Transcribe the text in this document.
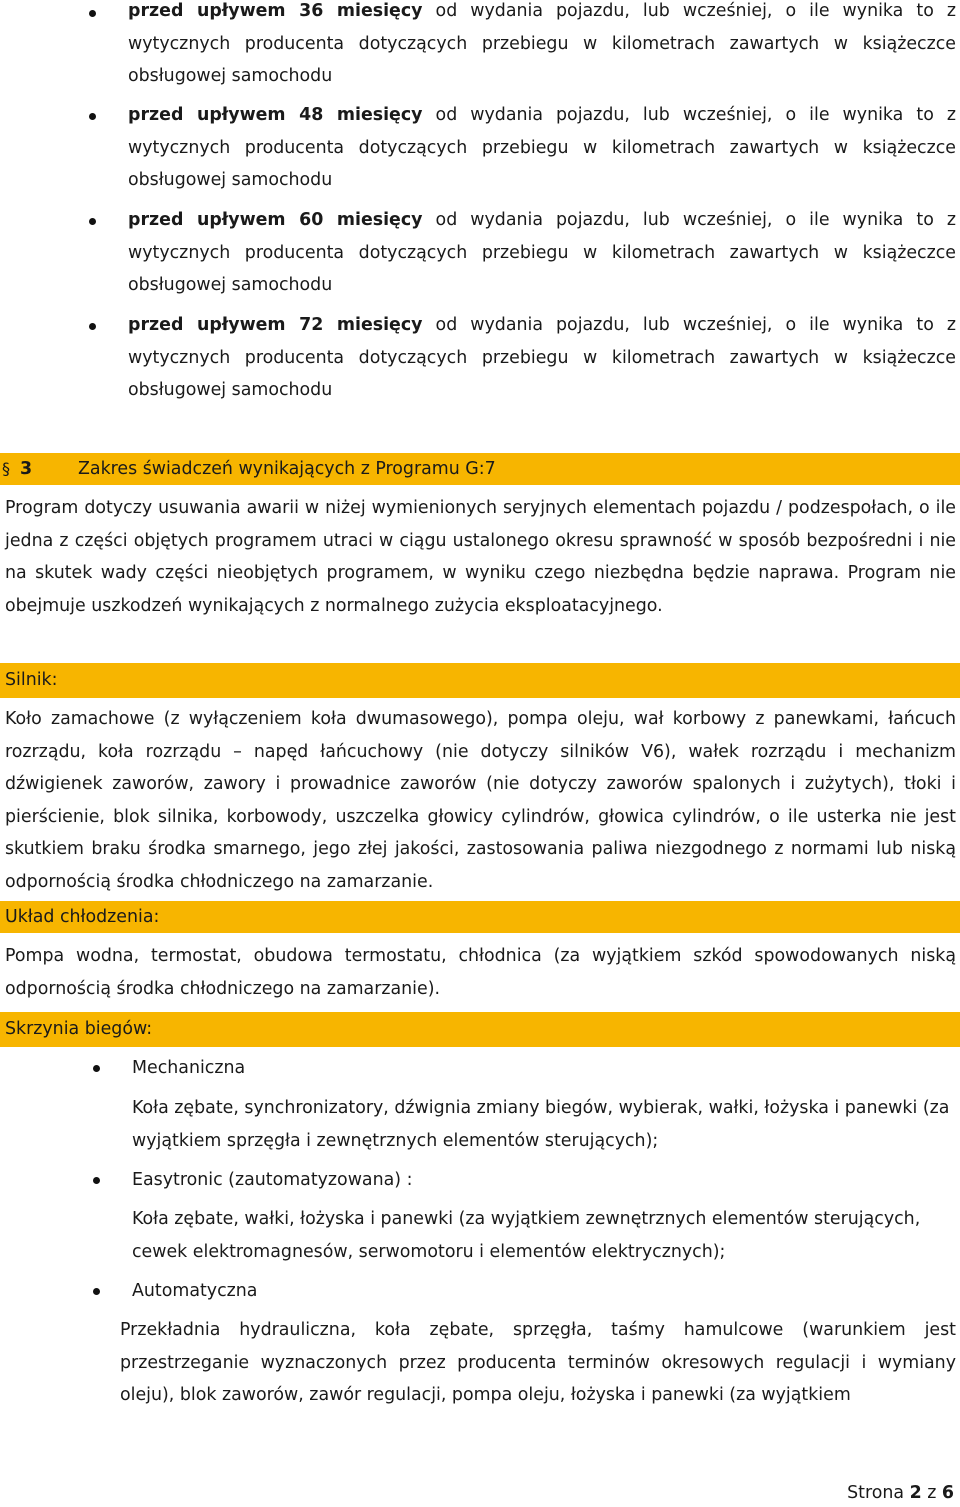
przed upływem 36 miesięcy od wydania pojazdu, lub wcześniej, o ile wynika to z wytycznych producenta dotyczących przebiegu w kilometrach zawartych w książeczce obsługowej samochodu
przed upływem 48 miesięcy od wydania pojazdu, lub wcześniej, o ile wynika to z wytycznych producenta dotyczących przebiegu w kilometrach zawartych w książeczce obsługowej samochodu
przed upływem 60 miesięcy od wydania pojazdu, lub wcześniej, o ile wynika to z wytycznych producenta dotyczących przebiegu w kilometrach zawartych w książeczce obsługowej samochodu
przed upływem 72 miesięcy od wydania pojazdu, lub wcześniej, o ile wynika to z wytycznych producenta dotyczących przebiegu w kilometrach zawartych w książeczce obsługowej samochodu
§ 3	Zakres świadczeń wynikających z Programu G:7
Program dotyczy usuwania awarii w niżej wymienionych seryjnych elementach pojazdu / podzespołach, o ile jedna z części objętych programem utraci w ciągu ustalonego okresu sprawność w sposób bezpośredni i nie na skutek wady części nieobjętych programem, w wyniku czego niezbędna będzie naprawa. Program nie obejmuje uszkodzeń wynikających z normalnego zużycia eksploatacyjnego.
Silnik:
Koło zamachowe (z wyłączeniem koła dwumasowego), pompa oleju, wał korbowy z panewkami, łańcuch rozrządu, koła rozrządu – napęd łańcuchowy (nie dotyczy silników V6), wałek rozrządu i mechanizm dźwigienek zaworów, zawory i prowadnice zaworów (nie dotyczy zaworów spalonych i zużytych), tłoki i pierścienie, blok silnika, korbowody, uszczelka głowicy cylindrów, głowica cylindrów, o ile usterka nie jest skutkiem braku środka smarnego, jego złej jakości, zastosowania paliwa niezgodnego z normami lub niską odpornością środka chłodniczego na zamarzanie.
Układ chłodzenia:
Pompa wodna, termostat, obudowa termostatu, chłodnica (za wyjątkiem szkód spowodowanych niską odpornością środka chłodniczego na zamarzanie).
Skrzynia biegów:
Mechaniczna
Koła zębate, synchronizatory, dźwignia zmiany biegów, wybierak, wałki, łożyska i panewki (za wyjątkiem sprzęgła i zewnętrznych elementów sterujących);
Easytronic (zautomatyzowana) :
Koła zębate, wałki, łożyska i panewki (za wyjątkiem zewnętrznych elementów sterujących, cewek elektromagnesów, serwomotoru i elementów elektrycznych);
Automatyczna
Przekładnia hydrauliczna, koła zębate, sprzęgła, taśmy hamulcowe (warunkiem jest przestrzeganie wyznaczonych przez producenta terminów okresowych regulacji i wymiany oleju), blok zaworów, zawór regulacji, pompa oleju, łożyska i panewki (za wyjątkiem
Strona 2 z 6
